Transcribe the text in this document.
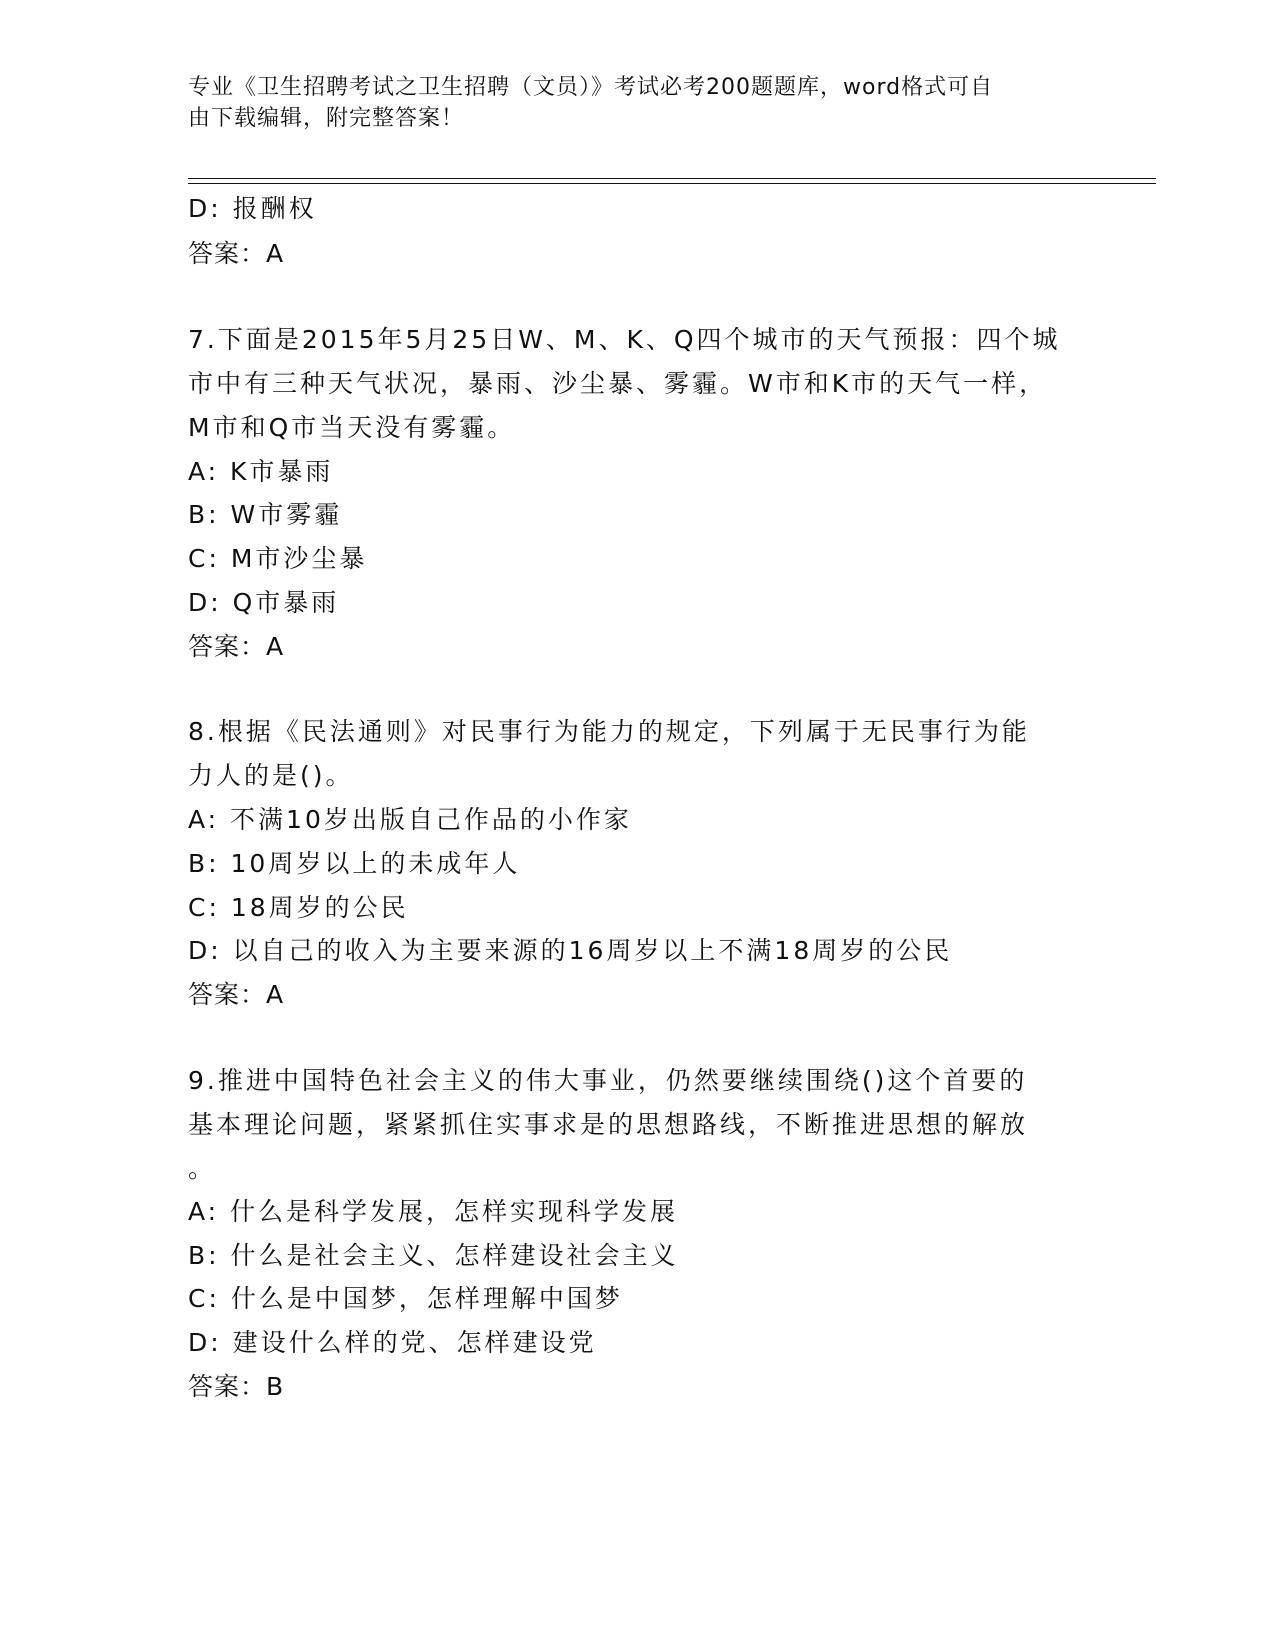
专业《卫生招聘考试之卫生招聘（文员）》考试必考200题题库，word格式可自
由下载编辑，附完整答案！
D: 报酬权
答案：A
7.下面是2015年5月25日W、M、K、Q四个城市的天气预报：四个城
市中有三种天气状况，暴雨、沙尘暴、雾霾。W市和K市的天气一样，
M市和Q市当天没有雾霾。
A: K市暴雨
B: W市雾霾
C: M市沙尘暴
D: Q市暴雨
答案：A
8.根据《民法通则》对民事行为能力的规定，下列属于无民事行为能
力人的是()。
A: 不满10岁出版自己作品的小作家
B: 10周岁以上的未成年人
C: 18周岁的公民
D: 以自己的收入为主要来源的16周岁以上不满18周岁的公民
答案：A
9.推进中国特色社会主义的伟大事业，仍然要继续围绕()这个首要的
基本理论问题，紧紧抓住实事求是的思想路线，不断推进思想的解放
。
A: 什么是科学发展，怎样实现科学发展
B: 什么是社会主义、怎样建设社会主义
C: 什么是中国梦，怎样理解中国梦
D: 建设什么样的党、怎样建设党
答案：B
